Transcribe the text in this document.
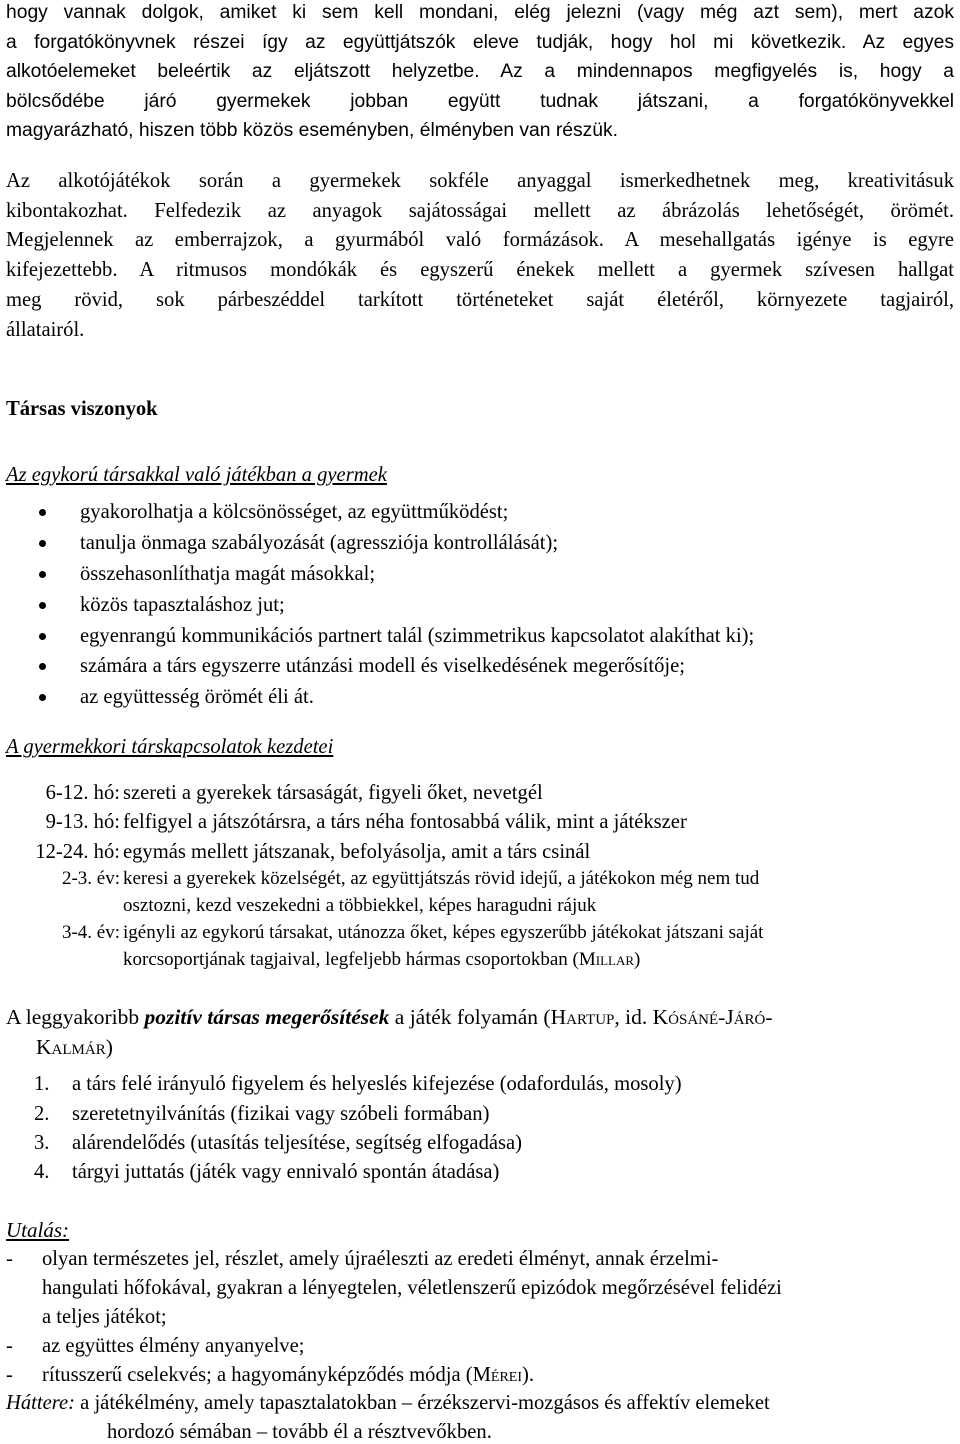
hogy vannak dolgok, amiket ki sem kell mondani, elég jelezni (vagy még azt sem), mert azok
a forgatókönyvnek részei így az együttjátszók eleve tudják, hogy hol mi következik. Az egyes
alkotóelemeket beleértik az eljátszott helyzetbe. Az a mindennapos megfigyelés is, hogy a
bölcsődébe járó gyermekek jobban együtt tudnak játszani, a forgatókönyvekkel
magyarázható, hiszen több közös eseményben, élményben van részük.
Az alkotójátékok során a gyermekek sokféle anyaggal ismerkedhetnek meg, kreativitásuk
kibontakozhat. Felfedezik az anyagok sajátosságai mellett az ábrázolás lehetőségét, örömét.
Megjelennek az emberrajzok, a gyurmából való formázások. A mesehallgatás igénye is egyre
kifejezettebb. A ritmusos mondókák és egyszerű énekek mellett a gyermek szívesen hallgat
meg rövid, sok párbeszéddel tarkított történeteket saját életéről, környezete tagjairól,
állatairól.
Társas viszonyok
Az egykorú társakkal való játékban a gyermek
gyakorolhatja a kölcsönösséget, az együttműködést;
tanulja önmaga szabályozását (agressziója kontrollálását);
összehasonlíthatja magát másokkal;
közös tapasztaláshoz jut;
egyenrangú kommunikációs partnert talál (szimmetrikus kapcsolatot alakíthat ki);
számára a társ egyszerre utánzási modell és viselkedésének megerősítője;
az együttesség örömét éli át.
A gyermekkori társkapcsolatok kezdetei
6-12. hó: szereti a gyerekek társaságát, figyeli őket, nevetgél
9-13. hó: felfigyel a játszótársra, a társ néha fontosabbá válik, mint a játékszer
12-24. hó: egymás mellett játszanak, befolyásolja, amit a társ csinál
2-3. év: keresi a gyerekek közelségét, az együttjátszás rövid idejű, a játékokon még nem tud
osztozni, kezd veszekedni a többiekkel, képes haragudni rájuk
3-4. év: igényli az egykorú társakat, utánozza őket, képes egyszerűbb játékokat játszani saját
korcsoportjának tagjaival, legfeljebb hármas csoportokban (Millar)
A leggyakoribb pozitív társas megerősítések a játék folyamán (Hartup, id. Kósáné-Járó-
Kalmár)
1. a társ felé irányuló figyelem és helyeslés kifejezése (odafordulás, mosoly)
2. szeretetnyilvánítás (fizikai vagy szóbeli formában)
3. alárendelődés (utasítás teljesítése, segítség elfogadása)
4. tárgyi juttatás (játék vagy ennivaló spontán átadása)
Utalás:
- olyan természetes jel, részlet, amely újraéleszti az eredeti élményt, annak érzelmi-
hangulati hőfokával, gyakran a lényegtelen, véletlenszerű epizódok megőrzésével felidézi
a teljes játékot;
- az együttes élmény anyanyelve;
- rítusszerű cselekvés; a hagyományképződés módja (Mérei).
Háttere: a játékélmény, amely tapasztalatokban – érzékszervi-mozgásos és affektív elemeket
hordozó sémában – tovább él a résztvevőkben.
